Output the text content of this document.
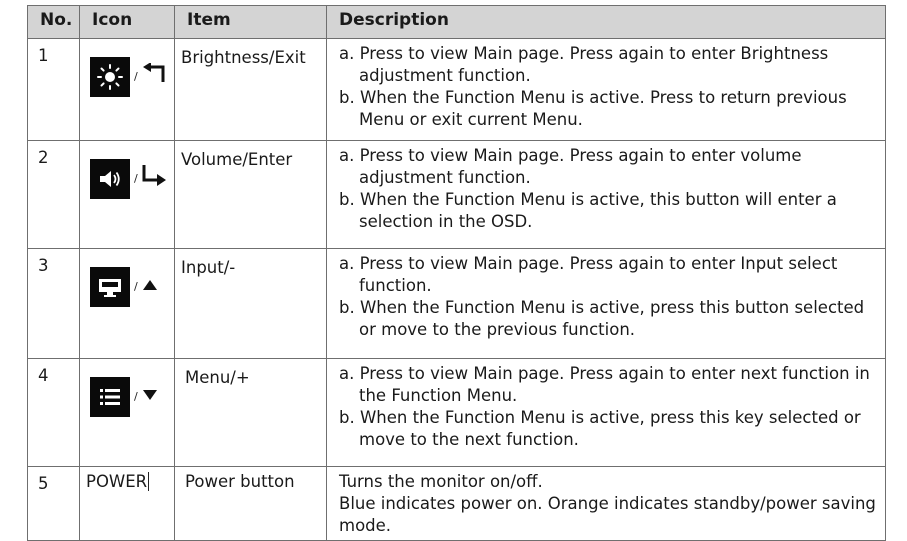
No.	Icon	Item	Description
1	/	Brightness/Exit	a. Press to view Main page. Press again to enter Brightness adjustment function.

b. When the Function Menu is active. Press to return previous Menu or exit current Menu.

2	/	Volume/Enter	a. Press to view Main page. Press again to enter volume adjustment function.

b. When the Function Menu is active, this button will enter a selection in the OSD.

3	/	Input/-	a. Press to view Main page. Press again to enter Input select function.

b. When the Function Menu is active, press this button selected or move to the previous function.

4	/	Menu/+	a. Press to view Main page. Press again to enter next function in the Function Menu.

b. When the Function Menu is active, press this key selected or move to the next function.

5	POWER	Power button	Turns the monitor on/off.
Blue indicates power on. Orange indicates standby/power saving mode.
